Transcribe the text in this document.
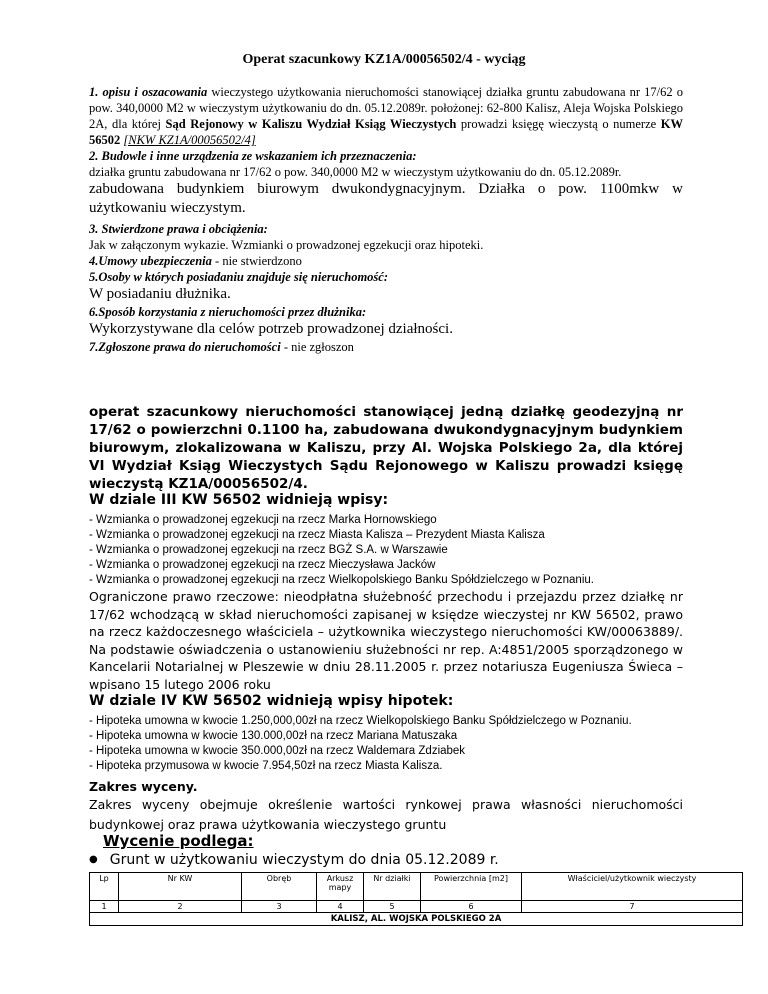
Operat szacunkowy KZ1A/00056502/4 - wyciąg

1. opisu i oszacowania wieczystego użytkowania nieruchomości stanowiącej działka gruntu zabudowana nr 17/62 o pow. 340,0000 M2 w wieczystym użytkowaniu do dn. 05.12.2089r. położonej: 62-800 Kalisz, Aleja Wojska Polskiego 2A, dla której Sąd Rejonowy w Kaliszu Wydział Ksiąg Wieczystych prowadzi księgę wieczystą o numerze KW 56502 [NKW KZ1A/00056502/4]

2. Budowle i inne urządzenia ze wskazaniem ich przeznaczenia:

działka gruntu zabudowana nr 17/62 o pow. 340,0000 M2 w wieczystym użytkowaniu do dn. 05.12.2089r.

zabudowana budynkiem biurowym dwukondygnacyjnym. Działka o pow. 1100mkw w użytkowaniu wieczystym.

3. Stwierdzone prawa i obciążenia:

Jak w załączonym wykazie. Wzmianki o prowadzonej egzekucji oraz hipoteki.

4.Umowy ubezpieczenia - nie stwierdzono

5.Osoby w których posiadaniu znajduje się nieruchomość:

W posiadaniu dłużnika.

6.Sposób korzystania z nieruchomości przez dłużnika:

Wykorzystywane dla celów potrzeb prowadzonej działności.

7.Zgłoszone prawa do nieruchomości - nie zgłoszon

operat szacunkowy nieruchomości stanowiącej jedną działkę geodezyjną nr 17/62 o powierzchni 0.1100 ha, zabudowana dwukondygnacyjnym budynkiem biurowym, zlokalizowana w Kaliszu, przy Al. Wojska Polskiego 2a, dla której VI Wydział Ksiąg Wieczystych Sądu Rejonowego w Kaliszu prowadzi księgę wieczystą KZ1A/00056502/4.
W dziale III KW 56502 widnieją wpisy:
- Wzmianka o prowadzonej egzekucji na rzecz Marka Hornowskiego
- Wzmianka o prowadzonej egzekucji na rzecz Miasta Kalisza – Prezydent Miasta Kalisza
- Wzmianka o prowadzonej egzekucji na rzecz BGŻ S.A. w Warszawie
- Wzmianka o prowadzonej egzekucji na rzecz Mieczysława Jacków
- Wzmianka o prowadzonej egzekucji na rzecz Wielkopolskiego Banku Spółdzielczego w Poznaniu.
Ograniczone prawo rzeczowe: nieodpłatna służebność przechodu i przejazdu przez działkę nr 17/62 wchodzącą w skład nieruchomości zapisanej w księdze wieczystej nr KW 56502, prawo na rzecz każdoczesnego właściciela – użytkownika wieczystego nieruchomości KW/00063889/. Na podstawie oświadczenia o ustanowieniu służebności nr rep. A:4851/2005 sporządzonego w Kancelarii Notarialnej w Pleszewie w dniu 28.11.2005 r. przez notariusza Eugeniusza Świeca – wpisano 15 lutego 2006 roku
W dziale IV KW 56502 widnieją wpisy hipotek:
- Hipoteka umowna w kwocie 1.250,000,00zł na rzecz Wielkopolskiego Banku Spółdzielczego w Poznaniu.
- Hipoteka umowna w kwocie 130.000,00zł na rzecz Mariana Matuszaka
- Hipoteka umowna w kwocie 350.000,00zł na rzecz Waldemara Zdziabek
- Hipoteka przymusowa w kwocie 7.954,50zł na rzecz Miasta Kalisza.
Zakres wyceny.
Zakres wyceny obejmuje określenie wartości rynkowej prawa własności nieruchomości budynkowej oraz prawa użytkowania wieczystego gruntu
Wycenie podlega:
● Grunt w użytkowaniu wieczystym do dnia 05.12.2089 r.
Lp	Nr KW	Obręb	Arkusz mapy	Nr działki	Powierzchnia [m2]	Właściciel/użytkownik wieczysty
1	2	3	4	5	6	7
KALISZ, AL. WOJSKA POLSKIEGO 2A						
